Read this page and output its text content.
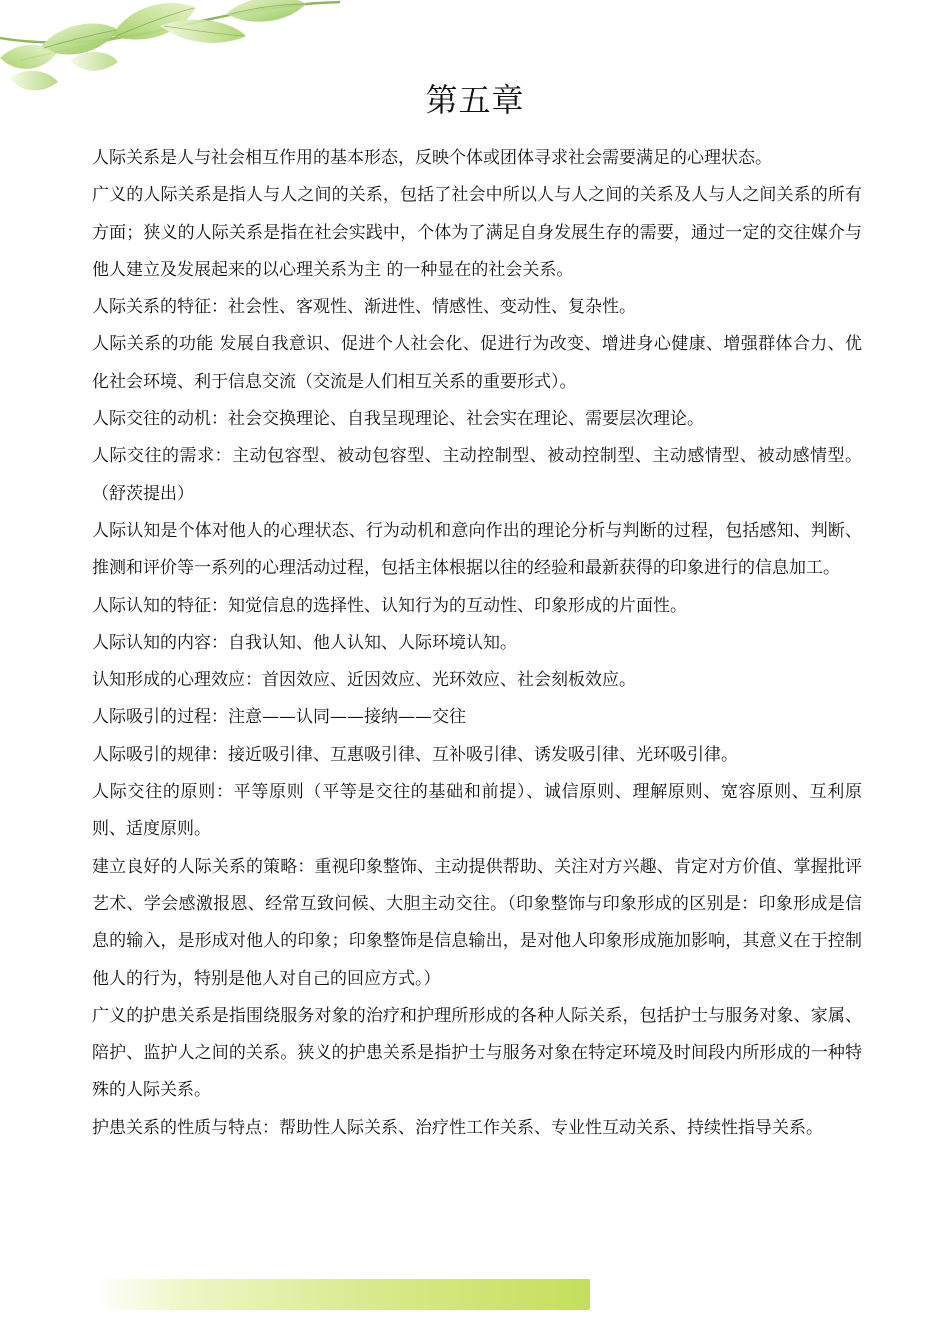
第五章

人际关系是人与社会相互作用的基本形态，反映个体或团体寻求社会需要满足的心理状态。

广义的人际关系是指人与人之间的关系，包括了社会中所以人与人之间的关系及人与人之间关系的所有方面；狭义的人际关系是指在社会实践中，个体为了满足自身发展生存的需要，通过一定的交往媒介与他人建立及发展起来的以心理关系为主 的一种显在的社会关系。

人际关系的特征：社会性、客观性、渐进性、情感性、变动性、复杂性。

人际关系的功能 发展自我意识、促进个人社会化、促进行为改变、增进身心健康、增强群体合力、优化社会环境、利于信息交流（交流是人们相互关系的重要形式）。

人际交往的动机：社会交换理论、自我呈现理论、社会实在理论、需要层次理论。

人际交往的需求：主动包容型、被动包容型、主动控制型、被动控制型、主动感情型、被动感情型。（舒茨提出）

人际认知是个体对他人的心理状态、行为动机和意向作出的理论分析与判断的过程，包括感知、判断、推测和评价等一系列的心理活动过程，包括主体根据以往的经验和最新获得的印象进行的信息加工。

人际认知的特征：知觉信息的选择性、认知行为的互动性、印象形成的片面性。

人际认知的内容：自我认知、他人认知、人际环境认知。

认知形成的心理效应：首因效应、近因效应、光环效应、社会刻板效应。

人际吸引的过程：注意——认同——接纳——交往

人际吸引的规律：接近吸引律、互惠吸引律、互补吸引律、诱发吸引律、光环吸引律。

人际交往的原则：平等原则（平等是交往的基础和前提）、诚信原则、理解原则、宽容原则、互利原则、适度原则。

建立良好的人际关系的策略：重视印象整饰、主动提供帮助、关注对方兴趣、肯定对方价值、掌握批评艺术、学会感激报恩、经常互致问候、大胆主动交往。（印象整饰与印象形成的区别是：印象形成是信息的输入，是形成对他人的印象；印象整饰是信息输出，是对他人印象形成施加影响，其意义在于控制他人的行为，特别是他人对自己的回应方式。）

广义的护患关系是指围绕服务对象的治疗和护理所形成的各种人际关系，包括护士与服务对象、家属、陪护、监护人之间的关系。狭义的护患关系是指护士与服务对象在特定环境及时间段内所形成的一种特殊的人际关系。

护患关系的性质与特点：帮助性人际关系、治疗性工作关系、专业性互动关系、持续性指导关系。
